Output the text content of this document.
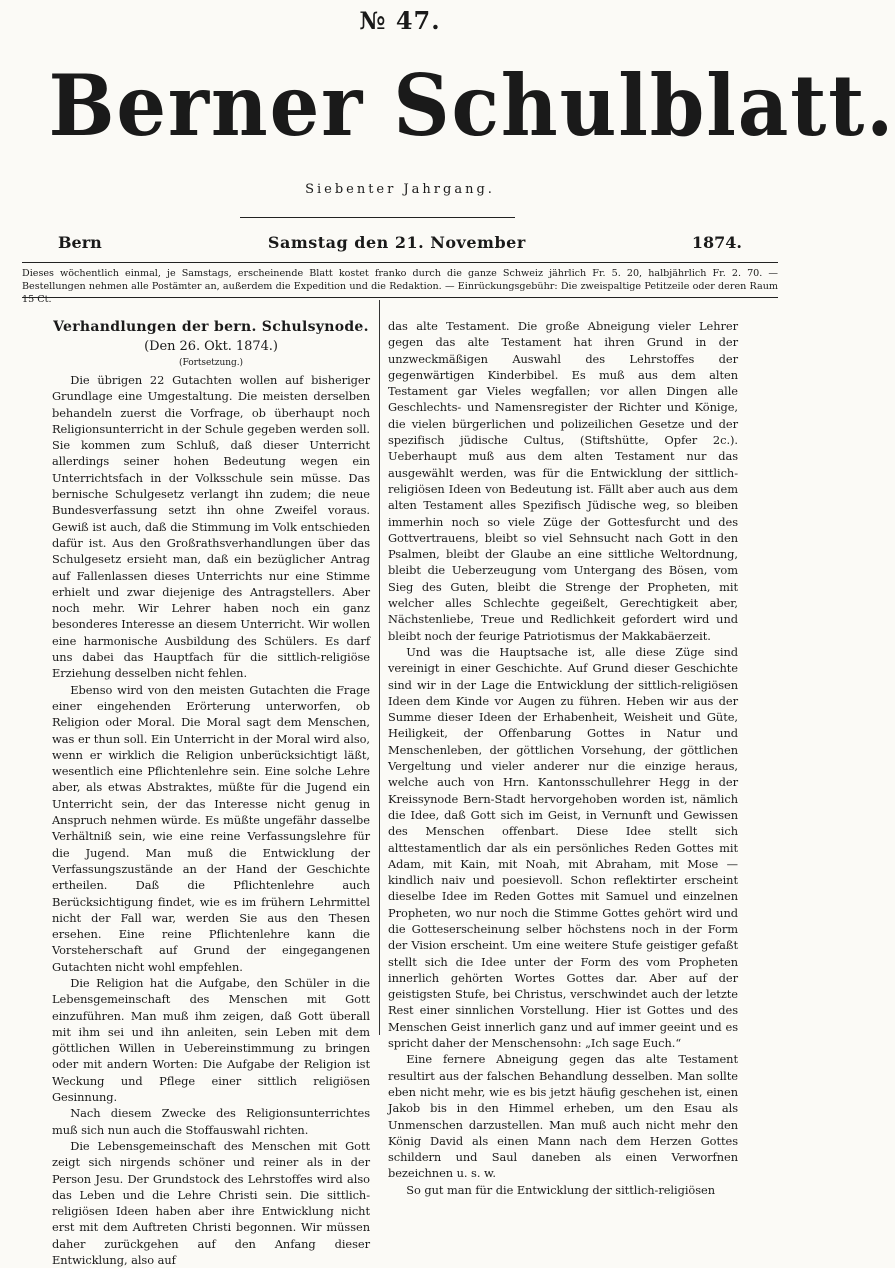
№ 47.
Berner Schulblatt.
Siebenter Jahrgang.
Bern	Samstag den 21. November	1874.
Dieses wöchentlich einmal, je Samstags, erscheinende Blatt kostet franko durch die ganze Schweiz jährlich Fr. 5. 20, halbjährlich Fr. 2. 70. — Bestellungen nehmen alle Postämter an, außerdem die Expedition und die Redaktion. — Einrückungsgebühr: Die zweispaltige Petitzeile oder deren Raum 15 Ct.
Verhandlungen der bern. Schulsynode.
(Den 26. Okt. 1874.)
(Fortsetzung.)

Die übrigen 22 Gutachten wollen auf bisheriger Grundlage eine Umgestaltung. Die meisten derselben behandeln zuerst die Vorfrage, ob überhaupt noch Religionsunterricht in der Schule gegeben werden soll. Sie kommen zum Schluß, daß dieser Unterricht allerdings seiner hohen Bedeutung wegen ein Unterrichtsfach in der Volksschule sein müsse. Das bernische Schulgesetz verlangt ihn zudem; die neue Bundesverfassung setzt ihn ohne Zweifel voraus. Gewiß ist auch, daß die Stimmung im Volk entschieden dafür ist. Aus den Großrathsverhandlungen über das Schulgesetz ersieht man, daß ein bezüglicher Antrag auf Fallenlassen dieses Unterrichts nur eine Stimme erhielt und zwar diejenige des Antragstellers. Aber noch mehr. Wir Lehrer haben noch ein ganz besonderes Interesse an diesem Unterricht. Wir wollen eine harmonische Ausbildung des Schülers. Es darf uns dabei das Hauptfach für die sittlich-religiöse Erziehung desselben nicht fehlen.

Ebenso wird von den meisten Gutachten die Frage einer eingehenden Erörterung unterworfen, ob Religion oder Moral. Die Moral sagt dem Menschen, was er thun soll. Ein Unterricht in der Moral wird also, wenn er wirklich die Religion unberücksichtigt läßt, wesentlich eine Pflichtenlehre sein. Eine solche Lehre aber, als etwas Abstraktes, müßte für die Jugend ein Unterricht sein, der das Interesse nicht genug in Anspruch nehmen würde. Es müßte ungefähr dasselbe Verhältniß sein, wie eine reine Verfassungslehre für die Jugend. Man muß die Entwicklung der Verfassungszustände an der Hand der Geschichte ertheilen. Daß die Pflichtenlehre auch Berücksichtigung findet, wie es im frühern Lehrmittel nicht der Fall war, werden Sie aus den Thesen ersehen. Eine reine Pflichtenlehre kann die Vorsteherschaft auf Grund der eingegangenen Gutachten nicht wohl empfehlen.

Die Religion hat die Aufgabe, den Schüler in die Lebensgemeinschaft des Menschen mit Gott einzuführen. Man muß ihm zeigen, daß Gott überall mit ihm sei und ihn anleiten, sein Leben mit dem göttlichen Willen in Uebereinstimmung zu bringen oder mit andern Worten: Die Aufgabe der Religion ist Weckung und Pflege einer sittlich religiösen Gesinnung.

Nach diesem Zwecke des Religionsunterrichtes muß sich nun auch die Stoffauswahl richten.

Die Lebensgemeinschaft des Menschen mit Gott zeigt sich nirgends schöner und reiner als in der Person Jesu. Der Grundstock des Lehrstoffes wird also das Leben und die Lehre Christi sein. Die sittlich-religiösen Ideen haben aber ihre Entwicklung nicht erst mit dem Auftreten Christi begonnen. Wir müssen daher zurückgehen auf den Anfang dieser Entwicklung, also auf

das alte Testament. Die große Abneigung vieler Lehrer gegen das alte Testament hat ihren Grund in der unzweckmäßigen Auswahl des Lehrstoffes der gegenwärtigen Kinderbibel. Es muß aus dem alten Testament gar Vieles wegfallen; vor allen Dingen alle Geschlechts- und Namensregister der Richter und Könige, die vielen bürgerlichen und polizeilichen Gesetze und der spezifisch jüdische Cultus, (Stiftshütte, Opfer 2c.). Ueberhaupt muß aus dem alten Testament nur das ausgewählt werden, was für die Entwicklung der sittlich-religiösen Ideen von Bedeutung ist. Fällt aber auch aus dem alten Testament alles Spezifisch Jüdische weg, so bleiben immerhin noch so viele Züge der Gottesfurcht und des Gottvertrauens, bleibt so viel Sehnsucht nach Gott in den Psalmen, bleibt der Glaube an eine sittliche Weltordnung, bleibt die Ueberzeugung vom Untergang des Bösen, vom Sieg des Guten, bleibt die Strenge der Propheten, mit welcher alles Schlechte gegeißelt, Gerechtigkeit aber, Nächstenliebe, Treue und Redlichkeit gefordert wird und bleibt noch der feurige Patriotismus der Makkabäerzeit.

Und was die Hauptsache ist, alle diese Züge sind vereinigt in einer Geschichte. Auf Grund dieser Geschichte sind wir in der Lage die Entwicklung der sittlich-religiösen Ideen dem Kinde vor Augen zu führen. Heben wir aus der Summe dieser Ideen der Erhabenheit, Weisheit und Güte, Heiligkeit, der Offenbarung Gottes in Natur und Menschenleben, der göttlichen Vorsehung, der göttlichen Vergeltung und vieler anderer nur die einzige heraus, welche auch von Hrn. Kantonsschullehrer Hegg in der Kreissynode Bern-Stadt hervorgehoben worden ist, nämlich die Idee, daß Gott sich im Geist, in Vernunft und Gewissen des Menschen offenbart. Diese Idee stellt sich alttestamentlich dar als ein persönliches Reden Gottes mit Adam, mit Kain, mit Noah, mit Abraham, mit Mose — kindlich naiv und poesievoll. Schon reflektirter erscheint dieselbe Idee im Reden Gottes mit Samuel und einzelnen Propheten, wo nur noch die Stimme Gottes gehört wird und die Gotteserscheinung selber höchstens noch in der Form der Vision erscheint. Um eine weitere Stufe geistiger gefaßt stellt sich die Idee unter der Form des vom Propheten innerlich gehörten Wortes Gottes dar. Aber auf der geistigsten Stufe, bei Christus, verschwindet auch der letzte Rest einer sinnlichen Vorstellung. Hier ist Gottes und des Menschen Geist innerlich ganz und auf immer geeint und es spricht daher der Menschensohn: „Ich sage Euch.“

Eine fernere Abneigung gegen das alte Testament resultirt aus der falschen Behandlung desselben. Man sollte eben nicht mehr, wie es bis jetzt häufig geschehen ist, einen Jakob bis in den Himmel erheben, um den Esau als Unmenschen darzustellen. Man muß auch nicht mehr den König David als einen Mann nach dem Herzen Gottes schildern und Saul daneben als einen Verworfnen bezeichnen u. s. w.

So gut man für die Entwicklung der sittlich-religiösen
